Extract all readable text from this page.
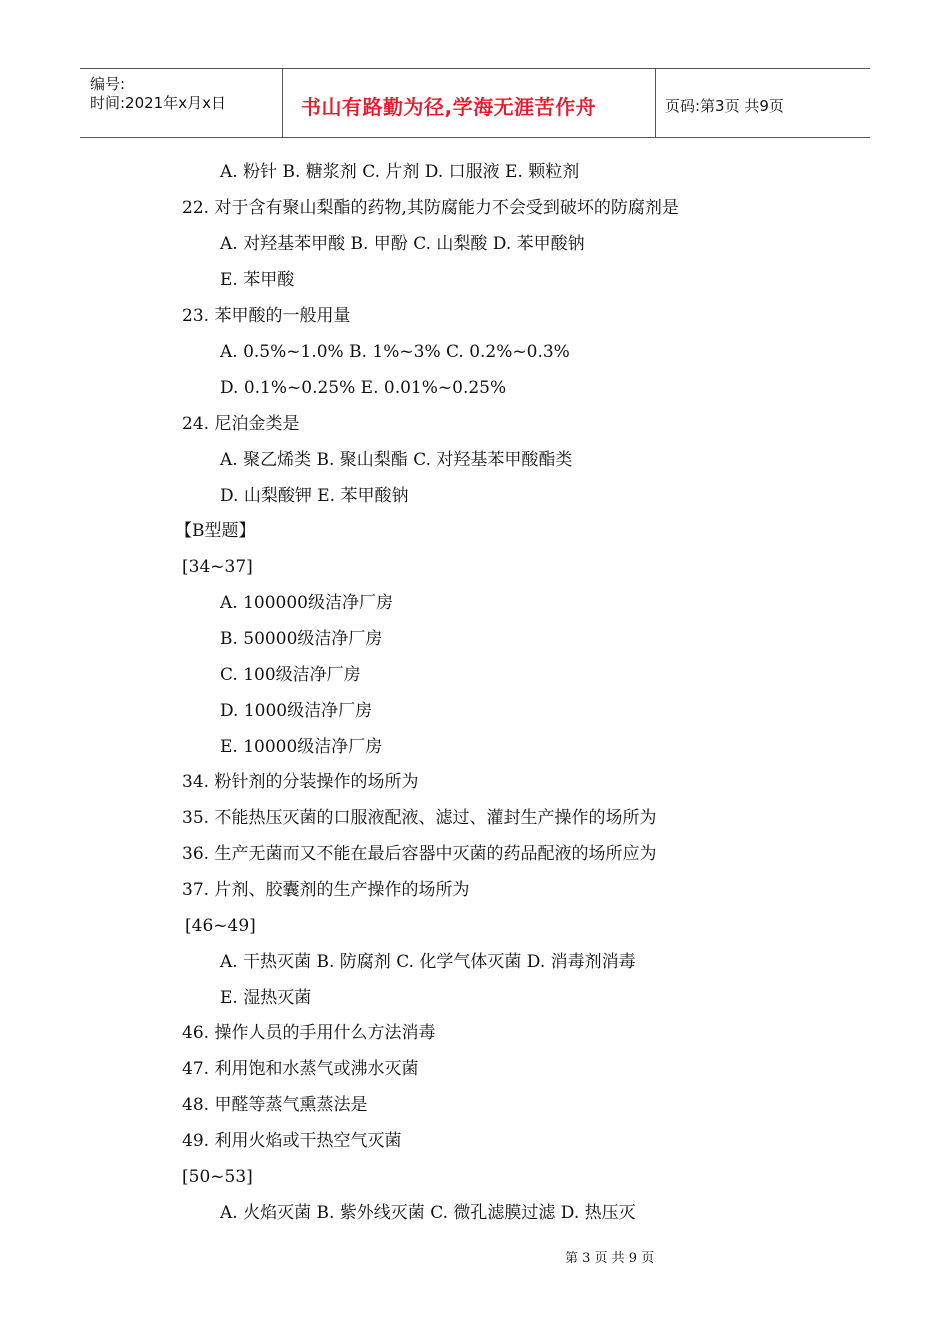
编号:
时间:2021年x月x日	书山有路勤为径,学海无涯苦作舟	页码:第3页 共9页
A. 粉针 B. 糖浆剂 C. 片剂 D. 口服液 E. 颗粒剂
22. 对于含有聚山梨酯的药物,其防腐能力不会受到破坏的防腐剂是
A. 对羟基苯甲酸 B. 甲酚 C. 山梨酸 D. 苯甲酸钠
E. 苯甲酸
23. 苯甲酸的一般用量
A. 0.5%~1.0% B. 1%~3% C. 0.2%~0.3%
D. 0.1%~0.25% E. 0.01%~0.25%
24. 尼泊金类是
A. 聚乙烯类 B. 聚山梨酯 C. 对羟基苯甲酸酯类
D. 山梨酸钾 E. 苯甲酸钠
【B型题】
[34~37]
A. 100000级洁净厂房
B. 50000级洁净厂房
C. 100级洁净厂房
D. 1000级洁净厂房
E. 10000级洁净厂房
34. 粉针剂的分装操作的场所为
35. 不能热压灭菌的口服液配液、滤过、灌封生产操作的场所为
36. 生产无菌而又不能在最后容器中灭菌的药品配液的场所应为
37. 片剂、胶囊剂的生产操作的场所为
[46~49]
A. 干热灭菌 B. 防腐剂 C. 化学气体灭菌 D. 消毒剂消毒
E. 湿热灭菌
46. 操作人员的手用什么方法消毒
47. 利用饱和水蒸气或沸水灭菌
48. 甲醛等蒸气熏蒸法是
49. 利用火焰或干热空气灭菌
[50~53]
A. 火焰灭菌 B. 紫外线灭菌 C. 微孔滤膜过滤 D. 热压灭
第 3 页 共 9 页
